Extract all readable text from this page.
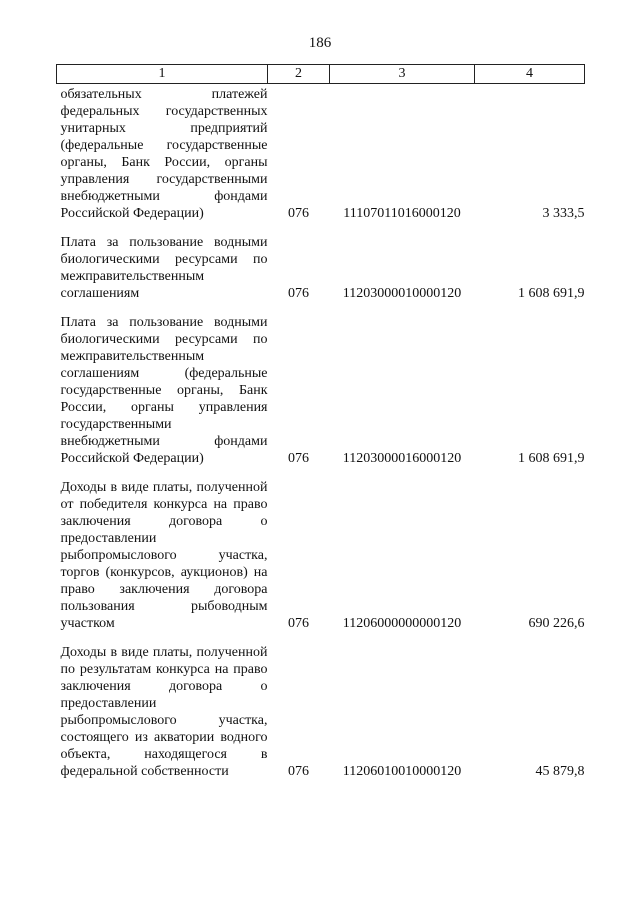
186
1	2	3	4
обязательных платежей федеральных государственных унитарных предприятий (федеральные государственные органы, Банк России, органы управления государственными внебюджетными фондами Российской Федерации)	076	11107011016000120	3 333,5
Плата за пользование водными биологическими ресурсами по межправительственным соглашениям	076	11203000010000120	1 608 691,9
Плата за пользование водными биологическими ресурсами по межправительственным соглашениям (федеральные государственные органы, Банк России, органы управления государственными внебюджетными фондами Российской Федерации)	076	11203000016000120	1 608 691,9
Доходы в виде платы, полученной от победителя конкурса на право заключения договора о предоставлении рыбопромыслового участка, торгов (конкурсов, аукционов) на право заключения договора пользования рыбоводным участком	076	11206000000000120	690 226,6
Доходы в виде платы, полученной по результатам конкурса на право заключения договора о предоставлении рыбопромыслового участка, состоящего из акватории водного объекта, находящегося в федеральной собственности	076	11206010010000120	45 879,8
